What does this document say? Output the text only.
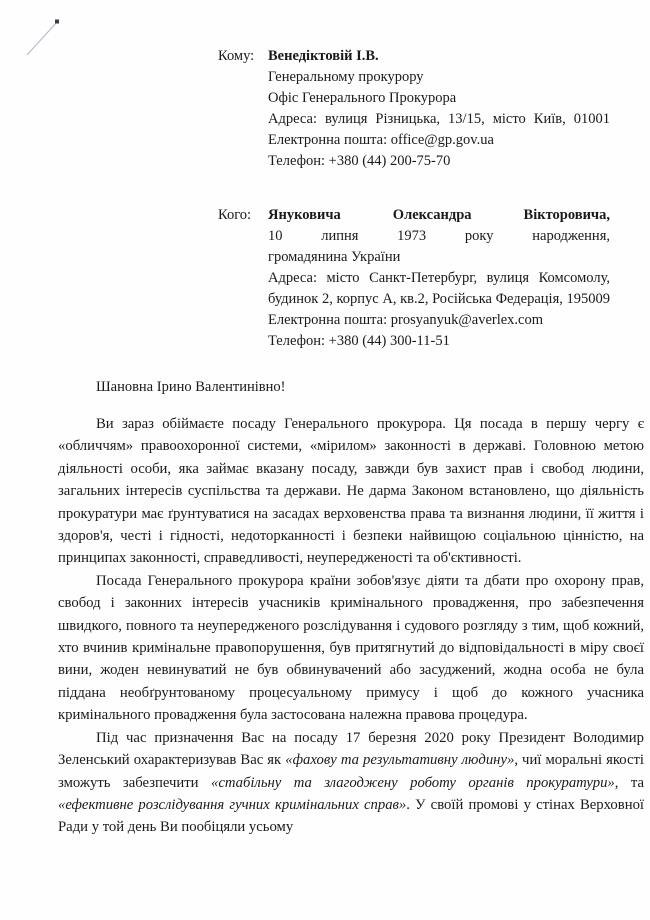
Кому: Венедіктовій І.В.
Генеральному прокурору
Офіс Генерального Прокурора
Адреса: вулиця Різницька, 13/15, місто Київ, 01001
Електронна пошта: office@gp.gov.ua
Телефон: +380 (44) 200-75-70
Кого:	Януковича Олександра Вікторовича,
10 липня 1973 року народження,
громадянина України
Адреса: місто Санкт-Петербург, вулиця Комсомолу, будинок 2, корпус А, кв.2, Російська Федерація, 195009
Електронна пошта: prosyanyuk@averlex.com
Телефон: +380 (44) 300-11-51
Шановна Ірино Валентинівно!

Ви зараз обіймаєте посаду Генерального прокурора. Ця посада в першу чергу є «обличчям» правоохоронної системи, «мірилом» законності в державі. Головною метою діяльності особи, яка займає вказану посаду, завжди був захист прав і свобод людини, загальних інтересів суспільства та держави. Не дарма Законом встановлено, що діяльність прокуратури має ґрунтуватися на засадах верховенства права та визнання людини, її життя і здоров'я, честі і гідності, недоторканності і безпеки найвищою соціальною цінністю, на принципах законності, справедливості, неупередженості та об'єктивності.

Посада Генерального прокурора країни зобов'язує діяти та дбати про охорону прав, свобод і законних інтересів учасників кримінального провадження, про забезпечення швидкого, повного та неупередженого розслідування і судового розгляду з тим, щоб кожний, хто вчинив кримінальне правопорушення, був притягнутий до відповідальності в міру своєї вини, жоден невинуватий не був обвинувачений або засуджений, жодна особа не була піддана необґрунтованому процесуальному примусу і щоб до кожного учасника кримінального провадження була застосована належна правова процедура.

Під час призначення Вас на посаду 17 березня 2020 року Президент Володимир Зеленський охарактеризував Вас як «фахову та результативну людину», чиї моральні якості зможуть забезпечити «стабільну та злагоджену роботу органів прокуратури», та «ефективне розслідування гучних кримінальних справ». У своїй промові у стінах Верховної Ради у той день Ви пообіцяли усьому
